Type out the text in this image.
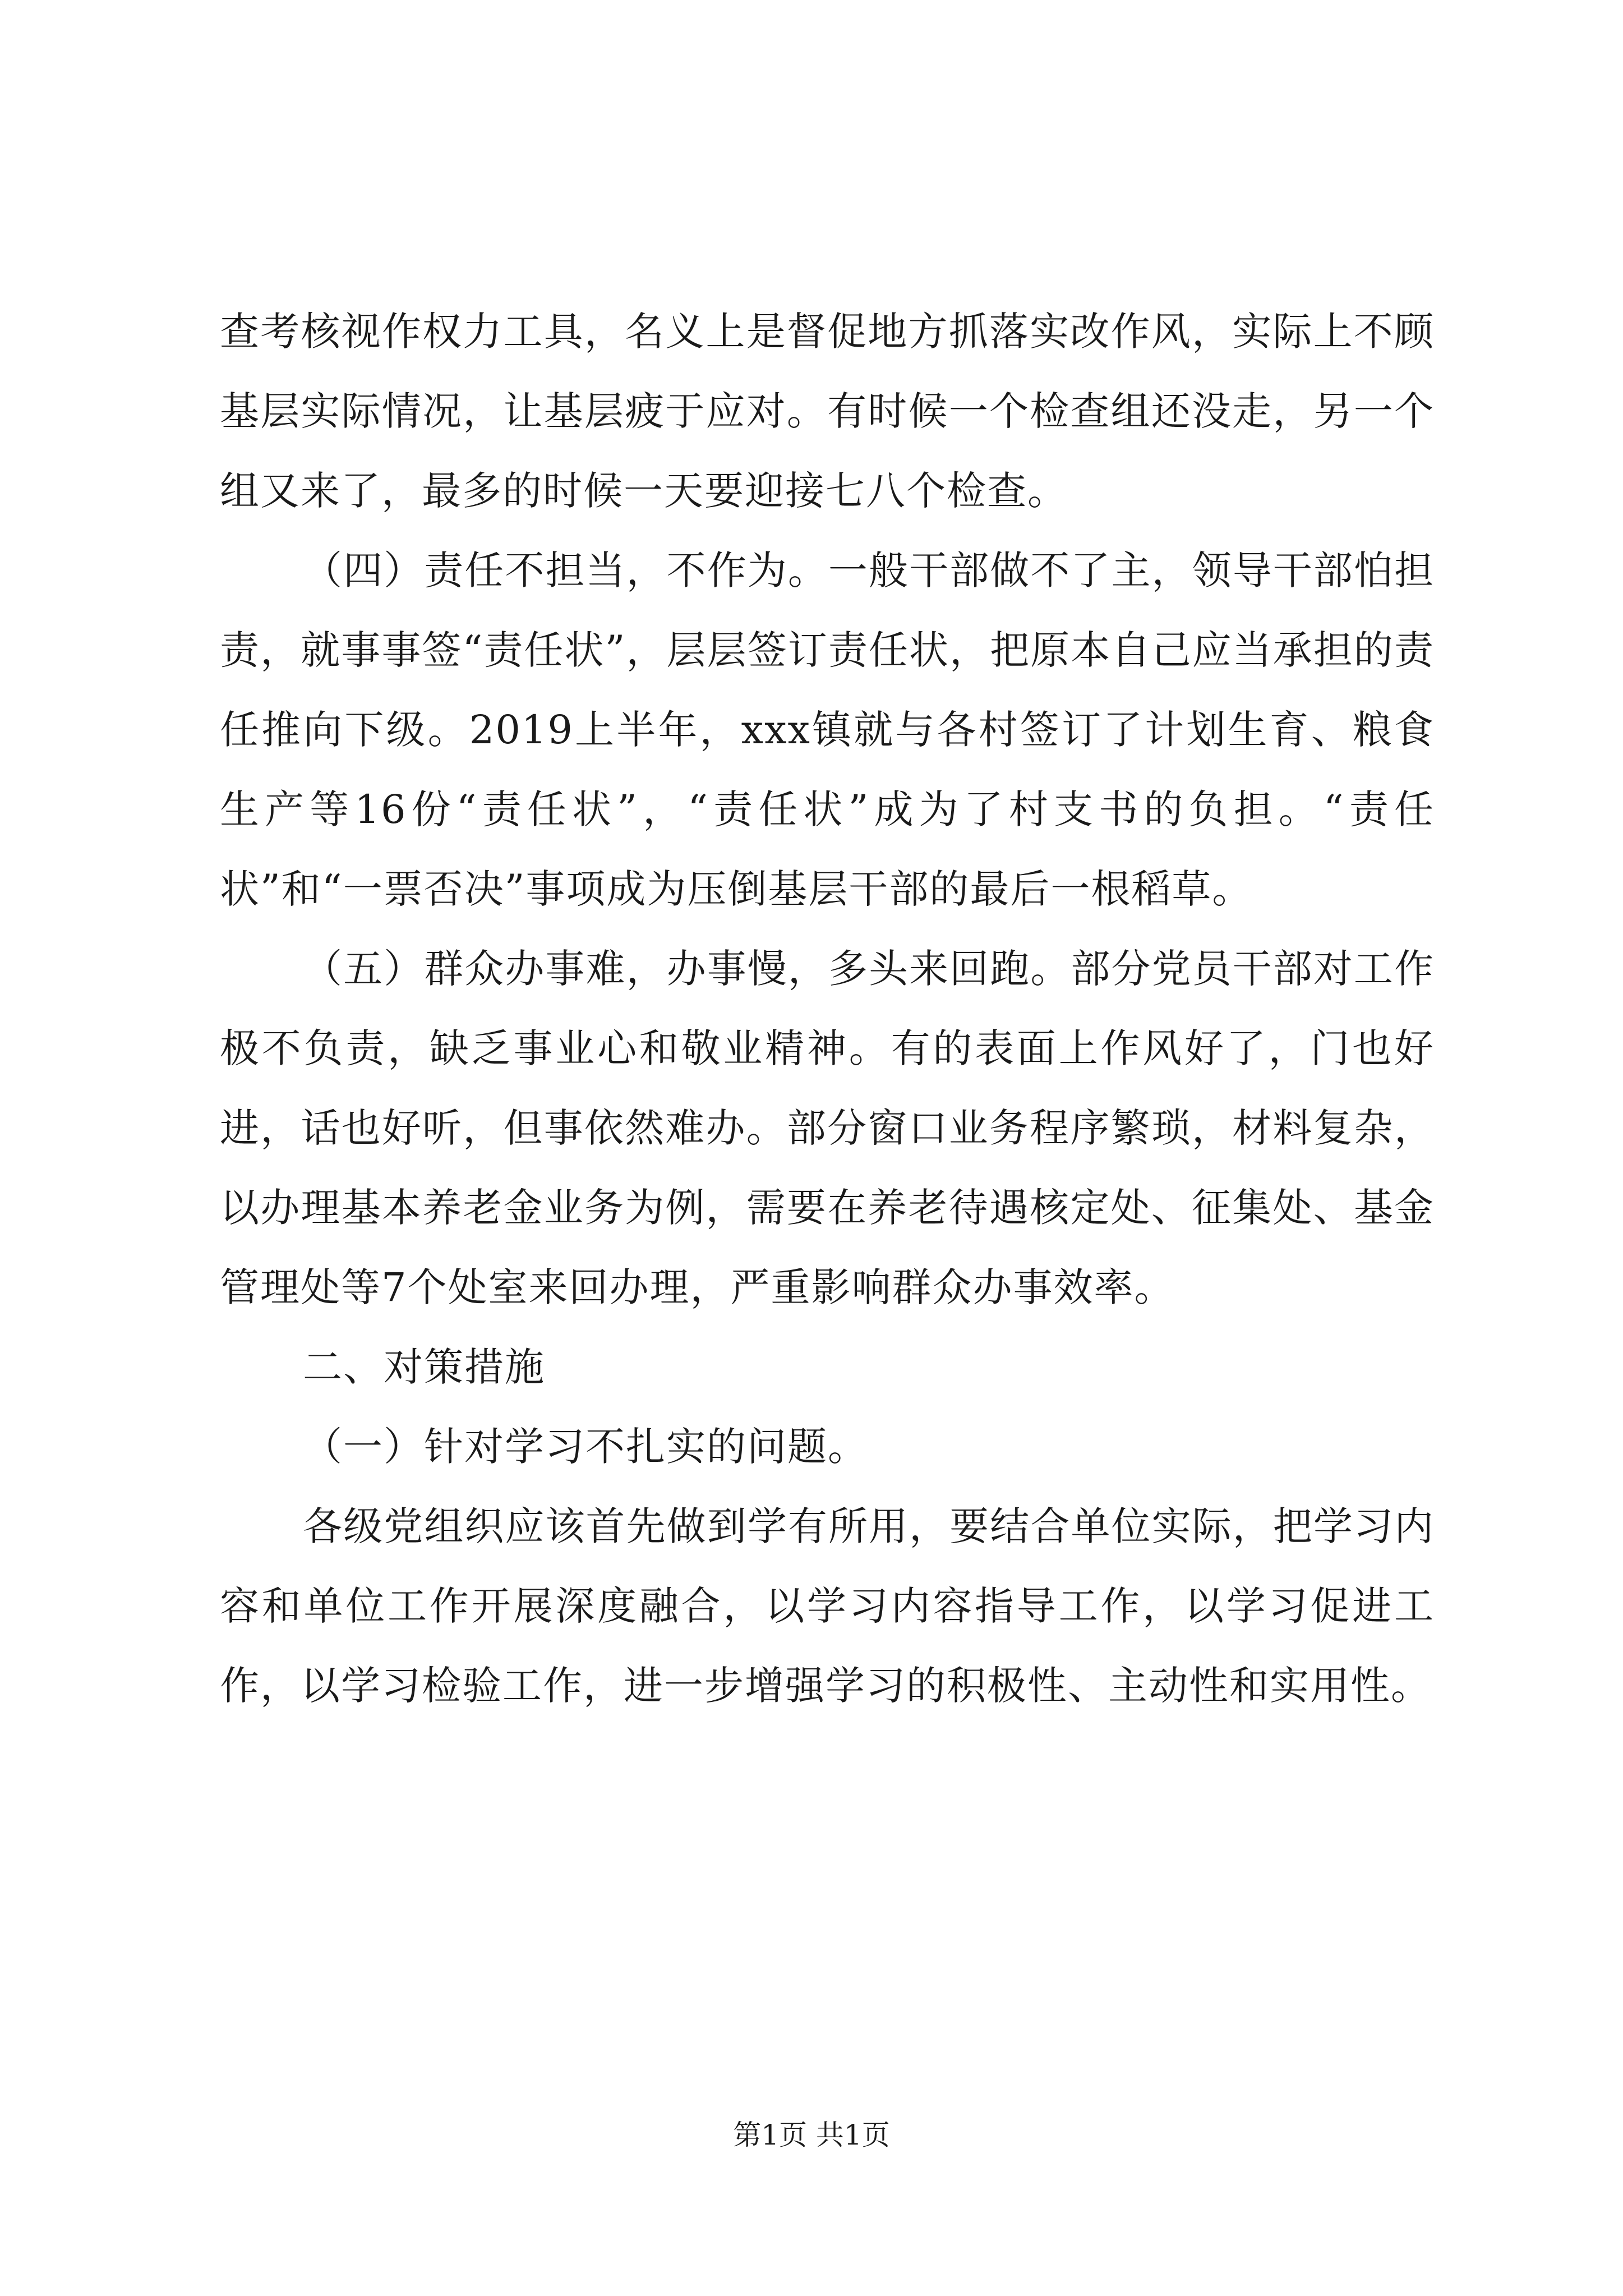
查考核视作权力工具，名义上是督促地方抓落实改作风，实际上不顾基层实际情况，让基层疲于应对。有时候一个检查组还没走，另一个组又来了，最多的时候一天要迎接七八个检查。

（四）责任不担当，不作为。一般干部做不了主，领导干部怕担责，就事事签“责任状”，层层签订责任状，把原本自己应当承担的责任推向下级。2019上半年，xxx镇就与各村签订了计划生育、粮食生产等16份“责任状”，“责任状”成为了村支书的负担。“责任状”和“一票否决”事项成为压倒基层干部的最后一根稻草。

（五）群众办事难，办事慢，多头来回跑。部分党员干部对工作极不负责，缺乏事业心和敬业精神。有的表面上作风好了，门也好进，话也好听，但事依然难办。部分窗口业务程序繁琐，材料复杂，以办理基本养老金业务为例，需要在养老待遇核定处、征集处、基金管理处等7个处室来回办理，严重影响群众办事效率。

二、对策措施

（一）针对学习不扎实的问题。

各级党组织应该首先做到学有所用，要结合单位实际，把学习内容和单位工作开展深度融合，以学习内容指导工作，以学习促进工作，以学习检验工作，进一步增强学习的积极性、主动性和实用性。

第1页 共1页
